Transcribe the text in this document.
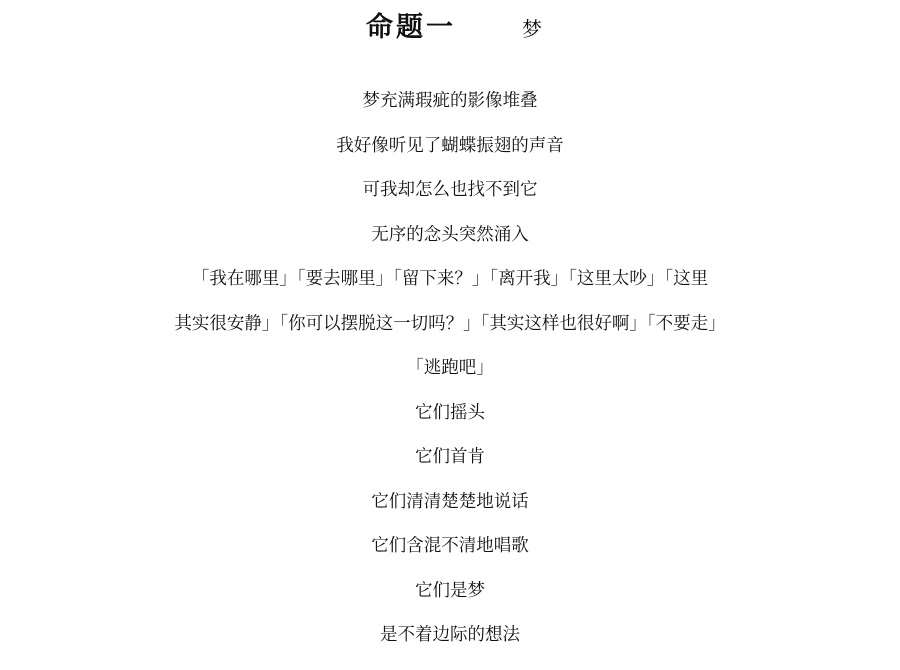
命题一	梦
梦充满瑕疵的影像堆叠
我好像听见了蝴蝶振翅的声音
可我却怎么也找不到它
无序的念头突然涌入
「我在哪里」「要去哪里」「留下来？」「离开我」「这里太吵」「这里
其实很安静」「你可以摆脱这一切吗？」「其实这样也很好啊」「不要走」
「逃跑吧」
它们摇头
它们首肯
它们清清楚楚地说话
它们含混不清地唱歌
它们是梦
是不着边际的想法
